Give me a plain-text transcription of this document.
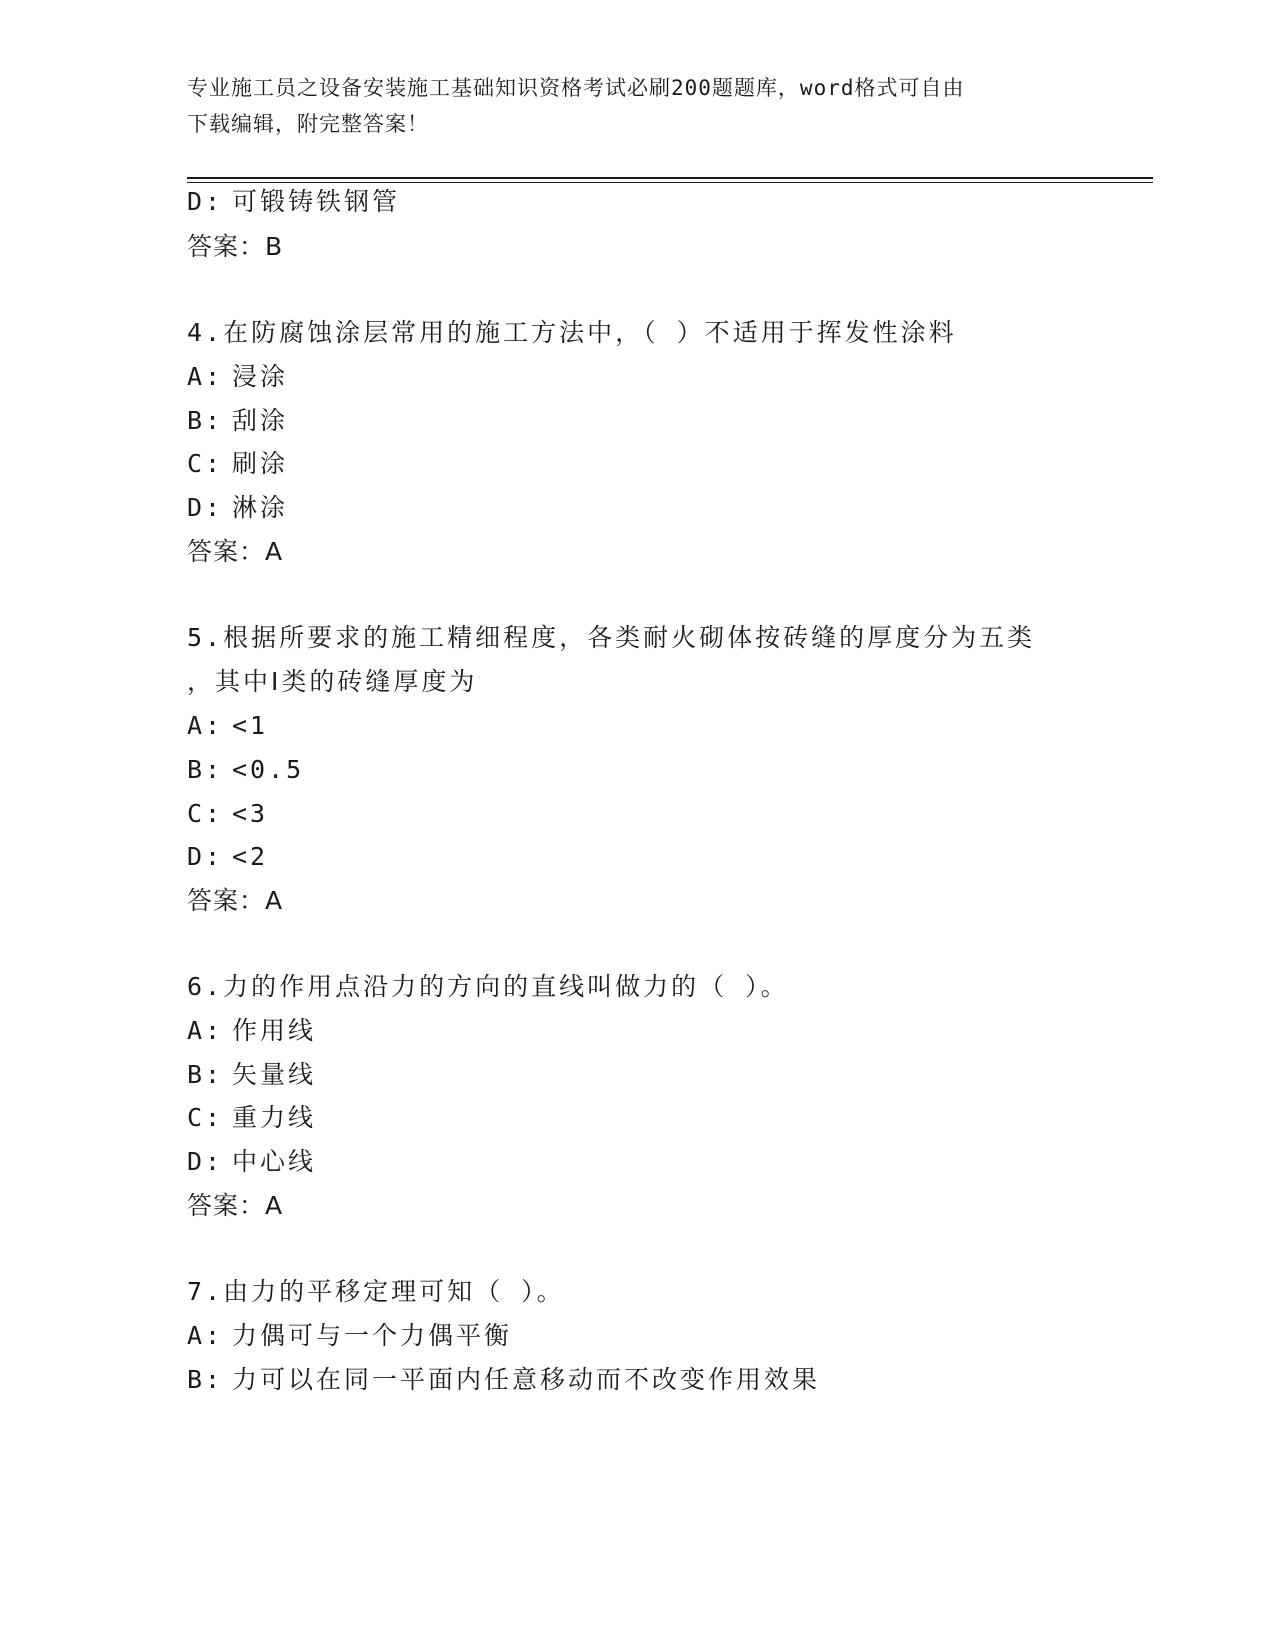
专业施工员之设备安装施工基础知识资格考试必刷200题题库，word格式可自由
下载编辑，附完整答案！
D: 可锻铸铁钢管
答案：B
4.在防腐蚀涂层常用的施工方法中，（ ）不适用于挥发性涂料
A: 浸涂
B: 刮涂
C: 刷涂
D: 淋涂
答案：A
5.根据所要求的施工精细程度，各类耐火砌体按砖缝的厚度分为五类
，其中Ⅰ类的砖缝厚度为
A: <1
B: <0.5
C: <3
D: <2
答案：A
6.力的作用点沿力的方向的直线叫做力的（ ）。
A: 作用线
B: 矢量线
C: 重力线
D: 中心线
答案：A
7.由力的平移定理可知（ ）。
A: 力偶可与一个力偶平衡
B: 力可以在同一平面内任意移动而不改变作用效果
